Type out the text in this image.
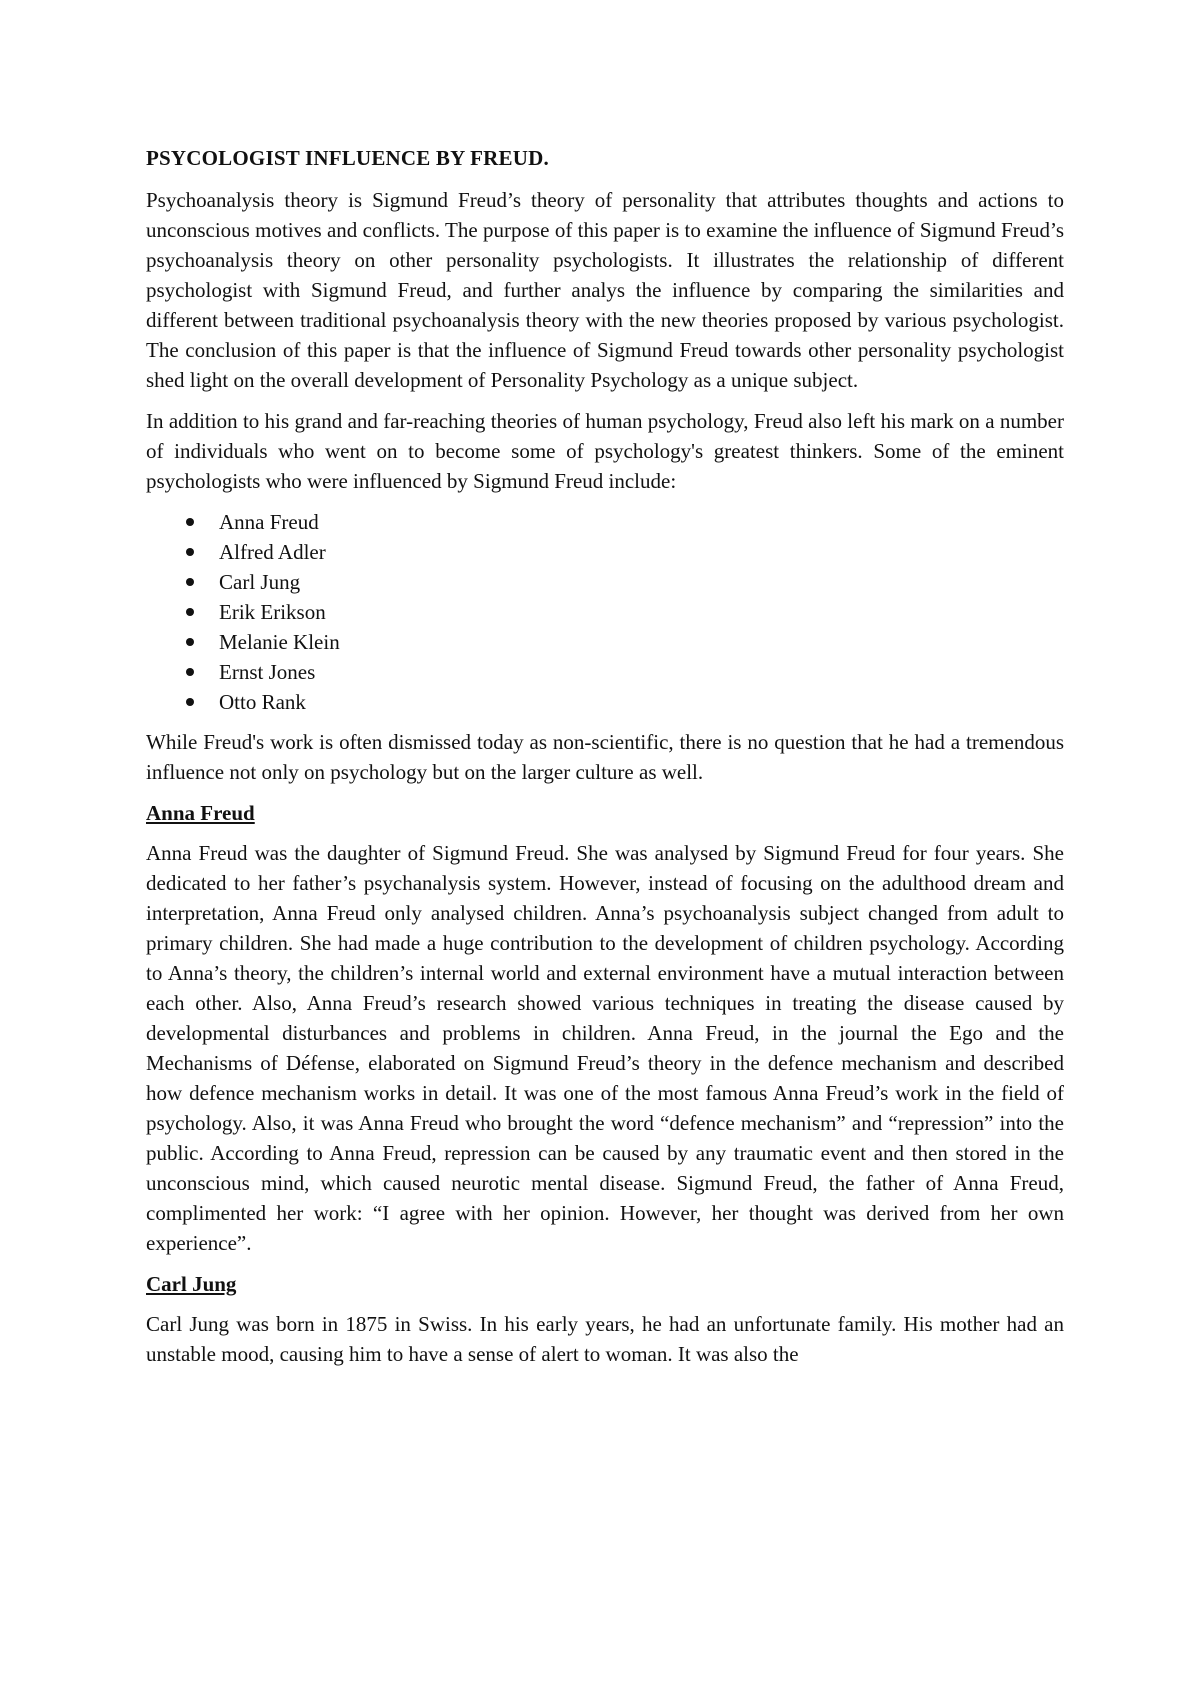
PSYCOLOGIST INFLUENCE BY FREUD.

Psychoanalysis theory is Sigmund Freud’s theory of personality that attributes thoughts and actions to unconscious motives and conflicts. The purpose of this paper is to examine the influence of Sigmund Freud’s psychoanalysis theory on other personality psychologists. It illustrates the relationship of different psychologist with Sigmund Freud, and further analys the influence by comparing the similarities and different between traditional psychoanalysis theory with the new theories proposed by various psychologist. The conclusion of this paper is that the influence of Sigmund Freud towards other personality psychologist shed light on the overall development of Personality Psychology as a unique subject.

In addition to his grand and far-reaching theories of human psychology, Freud also left his mark on a number of individuals who went on to become some of psychology's greatest thinkers. Some of the eminent psychologists who were influenced by Sigmund Freud include:

Anna Freud
Alfred Adler
Carl Jung
Erik Erikson
Melanie Klein
Ernst Jones
Otto Rank

While Freud's work is often dismissed today as non-scientific, there is no question that he had a tremendous influence not only on psychology but on the larger culture as well.

Anna Freud

Anna Freud was the daughter of Sigmund Freud. She was analysed by Sigmund Freud for four years. She dedicated to her father’s psychanalysis system. However, instead of focusing on the adulthood dream and interpretation, Anna Freud only analysed children. Anna’s psychoanalysis subject changed from adult to primary children. She had made a huge contribution to the development of children psychology. According to Anna’s theory, the children’s internal world and external environment have a mutual interaction between each other. Also, Anna Freud’s research showed various techniques in treating the disease caused by developmental disturbances and problems in children. Anna Freud, in the journal the Ego and the Mechanisms of Défense, elaborated on Sigmund Freud’s theory in the defence mechanism and described how defence mechanism works in detail. It was one of the most famous Anna Freud’s work in the field of psychology. Also, it was Anna Freud who brought the word “defence mechanism” and “repression” into the public. According to Anna Freud, repression can be caused by any traumatic event and then stored in the unconscious mind, which caused neurotic mental disease. Sigmund Freud, the father of Anna Freud, complimented her work: “I agree with her opinion. However, her thought was derived from her own experience”.

Carl Jung

Carl Jung was born in 1875 in Swiss. In his early years, he had an unfortunate family. His mother had an unstable mood, causing him to have a sense of alert to woman. It was also the
